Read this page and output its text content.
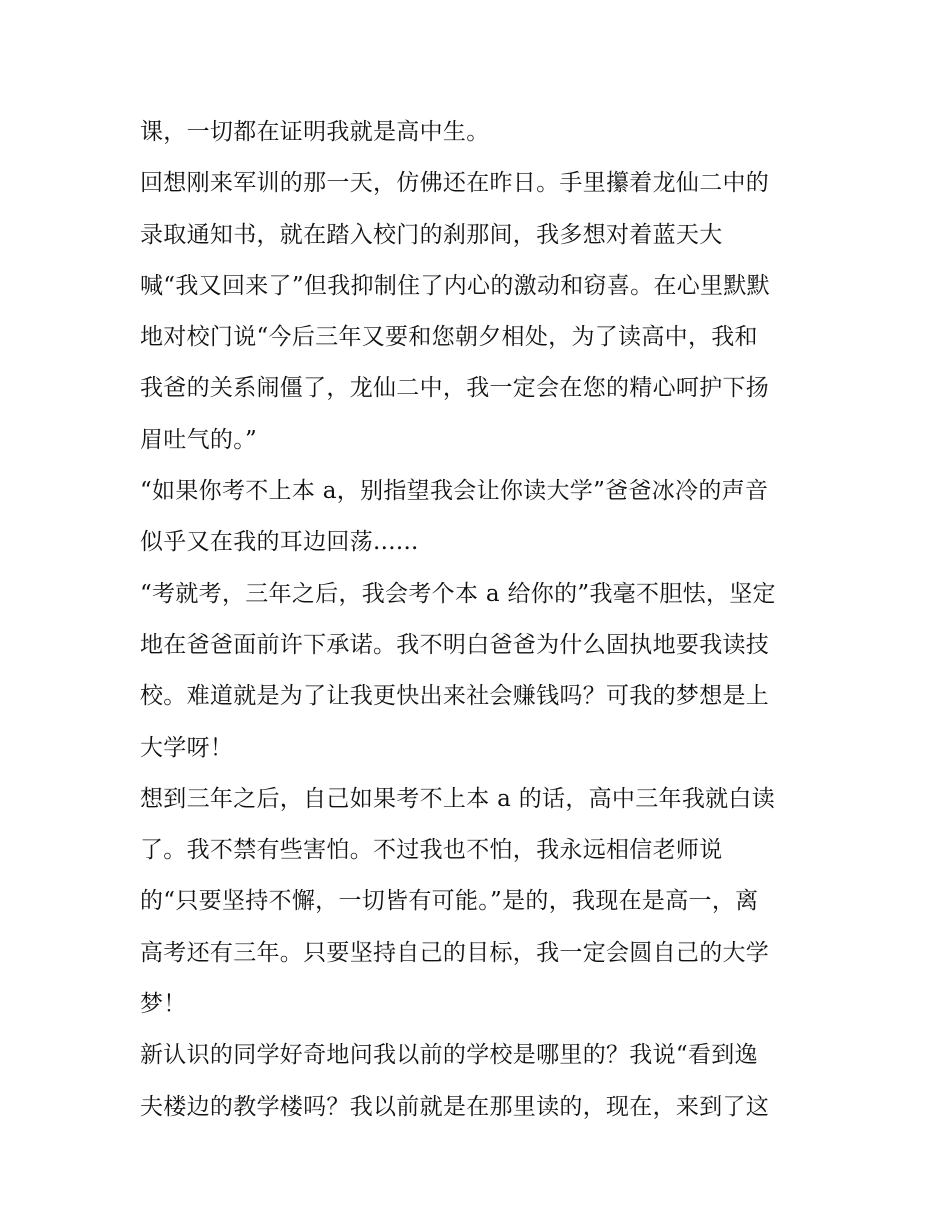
课，一切都在证明我就是高中生。
回想刚来军训的那一天，仿佛还在昨日。手里攥着龙仙二中的
录取通知书，就在踏入校门的刹那间，我多想对着蓝天大
喊“我又回来了”但我抑制住了内心的激动和窃喜。在心里默默
地对校门说“今后三年又要和您朝夕相处，为了读高中，我和
我爸的关系闹僵了，龙仙二中，我一定会在您的精心呵护下扬
眉吐气的。”
“如果你考不上本 a，别指望我会让你读大学”爸爸冰冷的声音
似乎又在我的耳边回荡......
“考就考，三年之后，我会考个本 a 给你的”我毫不胆怯，坚定
地在爸爸面前许下承诺。我不明白爸爸为什么固执地要我读技
校。难道就是为了让我更快出来社会赚钱吗？可我的梦想是上
大学呀！
想到三年之后，自己如果考不上本 a 的话，高中三年我就白读
了。我不禁有些害怕。不过我也不怕，我永远相信老师说
的“只要坚持不懈，一切皆有可能。”是的，我现在是高一，离
高考还有三年。只要坚持自己的目标，我一定会圆自己的大学
梦！
新认识的同学好奇地问我以前的学校是哪里的？我说“看到逸
夫楼边的教学楼吗？我以前就是在那里读的，现在，来到了这
